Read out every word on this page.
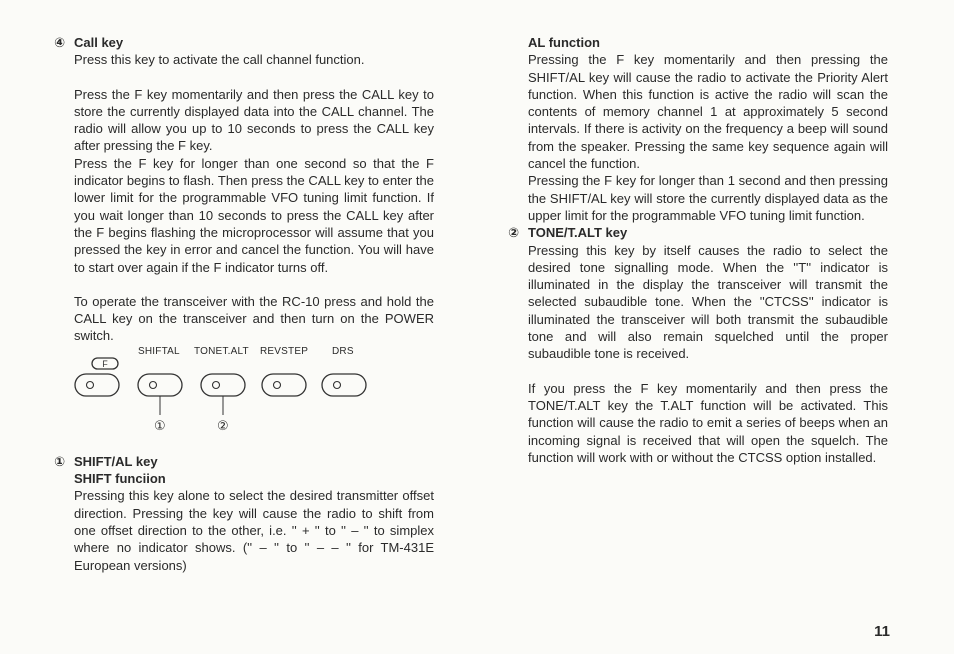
④ Call key

Press this key to activate the call channel function.

Press the F key momentarily and then press the CALL key to store the currently displayed data into the CALL channel. The radio will allow you up to 10 seconds to press the CALL key after pressing the F key.

Press the F key for longer than one second so that the F indicator begins to flash. Then press the CALL key to enter the lower limit for the programmable VFO tuning limit function. If you wait longer than 10 seconds to press the CALL key after the F begins flashing the microprocessor will assume that you pressed the key in error and cancel the function. You will have to start over again if the F indicator turns off.

To operate the transceiver with the RC-10 press and hold the CALL key on the transceiver and then turn on the POWER switch.

F
SHIFTAL TONET.ALT REVSTEP DRS
①	②
① SHIFT/AL key
SHIFT funciion

Pressing this key alone to select the desired transmitter offset direction. Pressing the key will cause the radio to shift from one offset direction to the other, i.e. '' + '' to '' – '' to simplex where no indicator shows. ('' – '' to '' – – '' for TM-431E European versions)

AL function

Pressing the F key momentarily and then pressing the SHIFT/AL key will cause the radio to activate the Priority Alert function. When this function is active the radio will scan the contents of memory channel 1 at approximately 5 second intervals. If there is activity on the frequency a beep will sound from the speaker. Pressing the same key sequence again will cancel the function.

Pressing the F key for longer than 1 second and then pressing the SHIFT/AL key will store the currently displayed data as the upper limit for the programmable VFO tuning limit function.

② TONE/T.ALT key

Pressing this key by itself causes the radio to select the desired tone signalling mode. When the ''T'' indicator is illuminated in the display the transceiver will transmit the selected subaudible tone. When the ''CTCSS'' indicator is illuminated the transceiver will both transmit the subaudible tone and will also remain squelched until the proper subaudible tone is received.

If you press the F key momentarily and then press the TONE/T.ALT key the T.ALT function will be activated. This function will cause the radio to emit a series of beeps when an incoming signal is received that will open the squelch. The function will work with or without the CTCSS option installed.

11
